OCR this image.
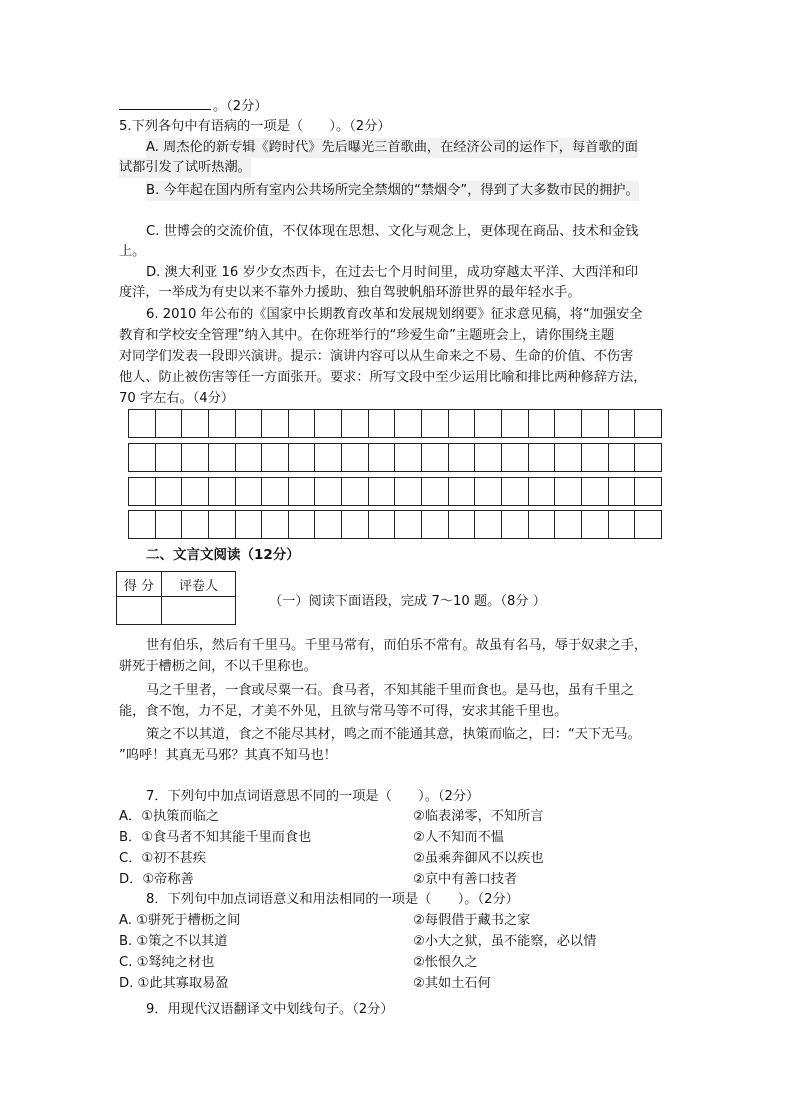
。（2分）
5.下列各句中有语病的一项是（　　）。（2分）
A. 周杰伦的新专辑《跨时代》先后曝光三首歌曲，在经济公司的运作下，每首歌的面
试都引发了试听热潮。
B. 今年起在国内所有室内公共场所完全禁烟的“禁烟令”，得到了大多数市民的拥护。
C. 世博会的交流价值，不仅体现在思想、文化与观念上，更体现在商品、技术和金钱
上。
D. 澳大利亚 16 岁少女杰西卡，在过去七个月时间里，成功穿越太平洋、大西洋和印
度洋，一举成为有史以来不靠外力援助、独自驾驶帆船环游世界的最年轻水手。
6. 2010 年公布的《国家中长期教育改革和发展规划纲要》征求意见稿，将“加强安全
教育和学校安全管理”纳入其中。在你班举行的“珍爱生命”主题班会上，请你围绕主题
对同学们发表一段即兴演讲。提示：演讲内容可以从生命来之不易、生命的价值、不伤害
他人、防止被伤害等任一方面张开。要求：所写文段中至少运用比喻和排比两种修辞方法，
70 字左右。（4分）

二、文言文阅读（12分）
得 分	评卷人

（一）阅读下面语段，完成 7～10 题。（8分 ）
世有伯乐，然后有千里马。千里马常有，而伯乐不常有。故虽有名马，辱于奴隶之手，
骈死于槽枥之间，不以千里称也。
马之千里者，一食或尽粟一石。食马者，不知其能千里而食也。是马也，虽有千里之
能，食不饱，力不足，才美不外见，且欲与常马等不可得，安求其能千里也。
策之不以其道，食之不能尽其材，鸣之而不能通其意，执策而临之，曰：“天下无马。
”呜呼！其真无马邪？其真不知马也！
7．下列句中加点词语意思不同的一项是（　　）。（2分）
A．①执策而临之	②临表涕零，不知所言
B．①食马者不知其能千里而食也	②人不知而不愠
C．①初不甚疾	②虽乘奔御风不以疾也
D．①帝称善	②京中有善口技者
8．下列句中加点词语意义和用法相同的一项是（　　）。（2分）
A. ①骈死于槽枥之间	②每假借于藏书之家
B. ①策之不以其道	②小大之狱，虽不能察，必以情
C. ①驽纯之材也	②怅恨久之
D. ①此其寡取易盈	②其如土石何
9．用现代汉语翻译文中划线句子。（2分）
